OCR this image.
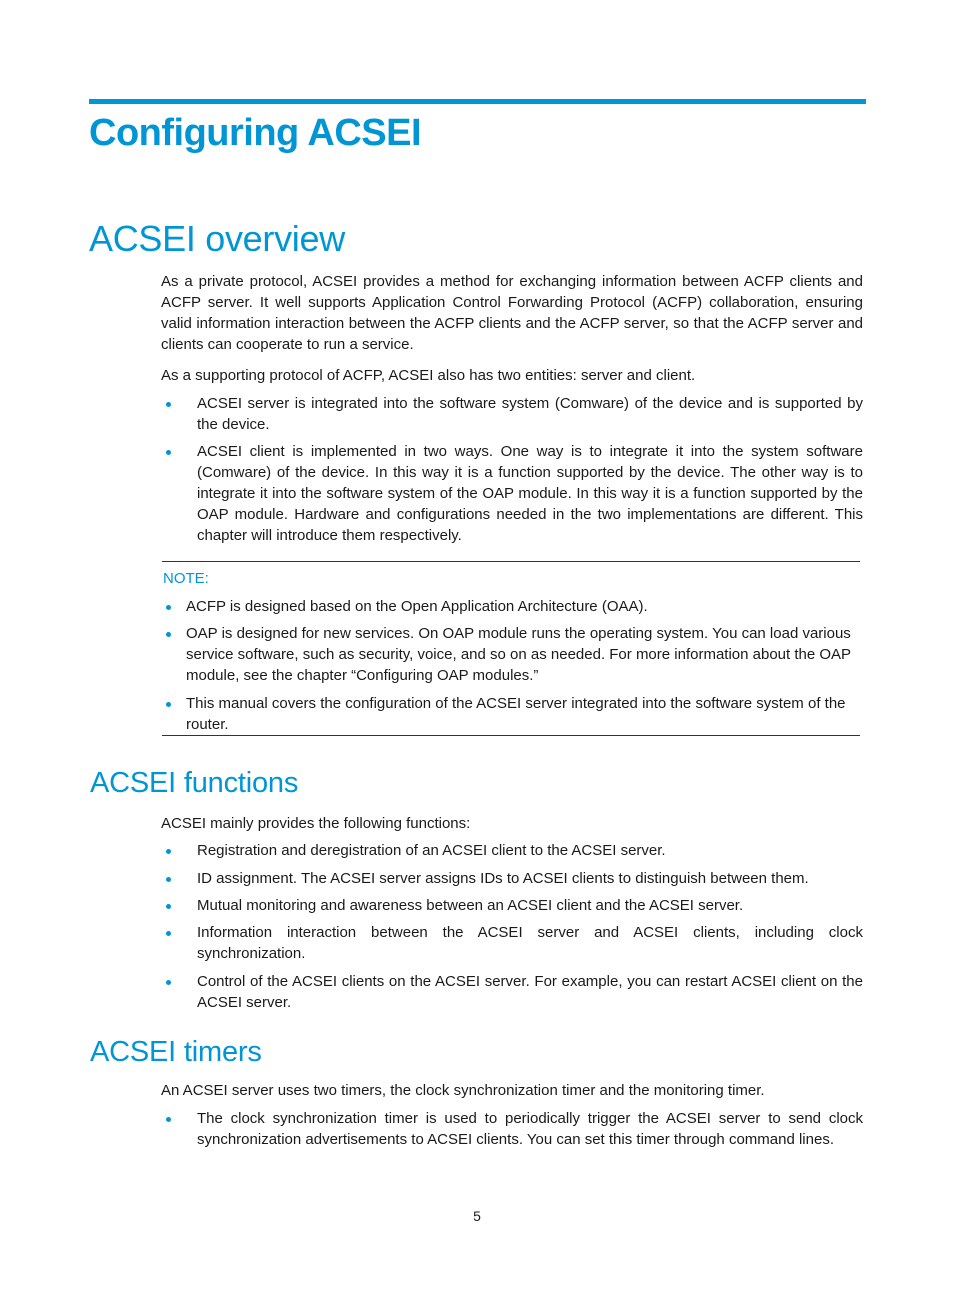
Configuring ACSEI
ACSEI overview

As a private protocol, ACSEI provides a method for exchanging information between ACFP clients and ACFP server. It well supports Application Control Forwarding Protocol (ACFP) collaboration, ensuring valid information interaction between the ACFP clients and the ACFP server, so that the ACFP server and clients can cooperate to run a service.

As a supporting protocol of ACFP, ACSEI also has two entities: server and client.

ACSEI server is integrated into the software system (Comware) of the device and is supported by the device.

ACSEI client is implemented in two ways. One way is to integrate it into the system software (Comware) of the device. In this way it is a function supported by the device. The other way is to integrate it into the software system of the OAP module. In this way it is a function supported by the OAP module. Hardware and configurations needed in the two implementations are different. This chapter will introduce them respectively.

NOTE:

ACFP is designed based on the Open Application Architecture (OAA).

OAP is designed for new services. On OAP module runs the operating system. You can load various service software, such as security, voice, and so on as needed. For more information about the OAP module, see the chapter “Configuring OAP modules.”

This manual covers the configuration of the ACSEI server integrated into the software system of the router.

ACSEI functions

ACSEI mainly provides the following functions:

Registration and deregistration of an ACSEI client to the ACSEI server.

ID assignment. The ACSEI server assigns IDs to ACSEI clients to distinguish between them.

Mutual monitoring and awareness between an ACSEI client and the ACSEI server.

Information interaction between the ACSEI server and ACSEI clients, including clock synchronization.

Control of the ACSEI clients on the ACSEI server. For example, you can restart ACSEI client on the ACSEI server.

ACSEI timers

An ACSEI server uses two timers, the clock synchronization timer and the monitoring timer.

The clock synchronization timer is used to periodically trigger the ACSEI server to send clock synchronization advertisements to ACSEI clients. You can set this timer through command lines.

5
